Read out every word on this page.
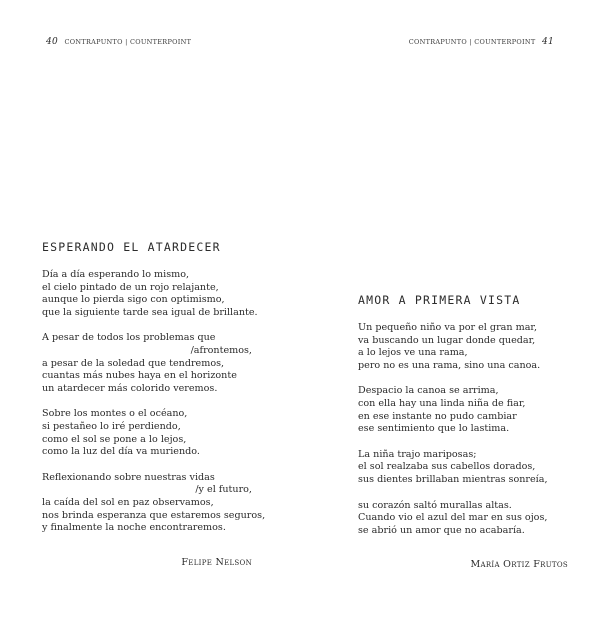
40 CONTRAPUNTO | COUNTERPOINT
ESPERANDO EL ATARDECER
Día a día esperando lo mismo,
el cielo pintado de un rojo relajante,
aunque lo pierda sigo con optimismo,
que la siguiente tarde sea igual de brillante.
A pesar de todos los problemas que
/afrontemos,
a pesar de la soledad que tendremos,
cuantas más nubes haya en el horizonte
un atardecer más colorido veremos.
Sobre los montes o el océano,
si pestañeo lo iré perdiendo,
como el sol se pone a lo lejos,
como la luz del día va muriendo.
Reflexionando sobre nuestras vidas
/y el futuro,
la caída del sol en paz observamos,
nos brinda esperanza que estaremos seguros,
y finalmente la noche encontraremos.
Felipe Nelson
CONTRAPUNTO | COUNTERPOINT 41
AMOR A PRIMERA VISTA
Un pequeño niño va por el gran mar,
va buscando un lugar donde quedar,
a lo lejos ve una rama,
pero no es una rama, sino una canoa.
Despacio la canoa se arrima,
con ella hay una linda niña de fiar,
en ese instante no pudo cambiar
ese sentimiento que lo lastima.
La niña trajo mariposas;
el sol realzaba sus cabellos dorados,
sus dientes brillaban mientras sonreía,
su corazón saltó murallas altas.
Cuando vio el azul del mar en sus ojos,
se abrió un amor que no acabaría.
María Ortiz Frutos
